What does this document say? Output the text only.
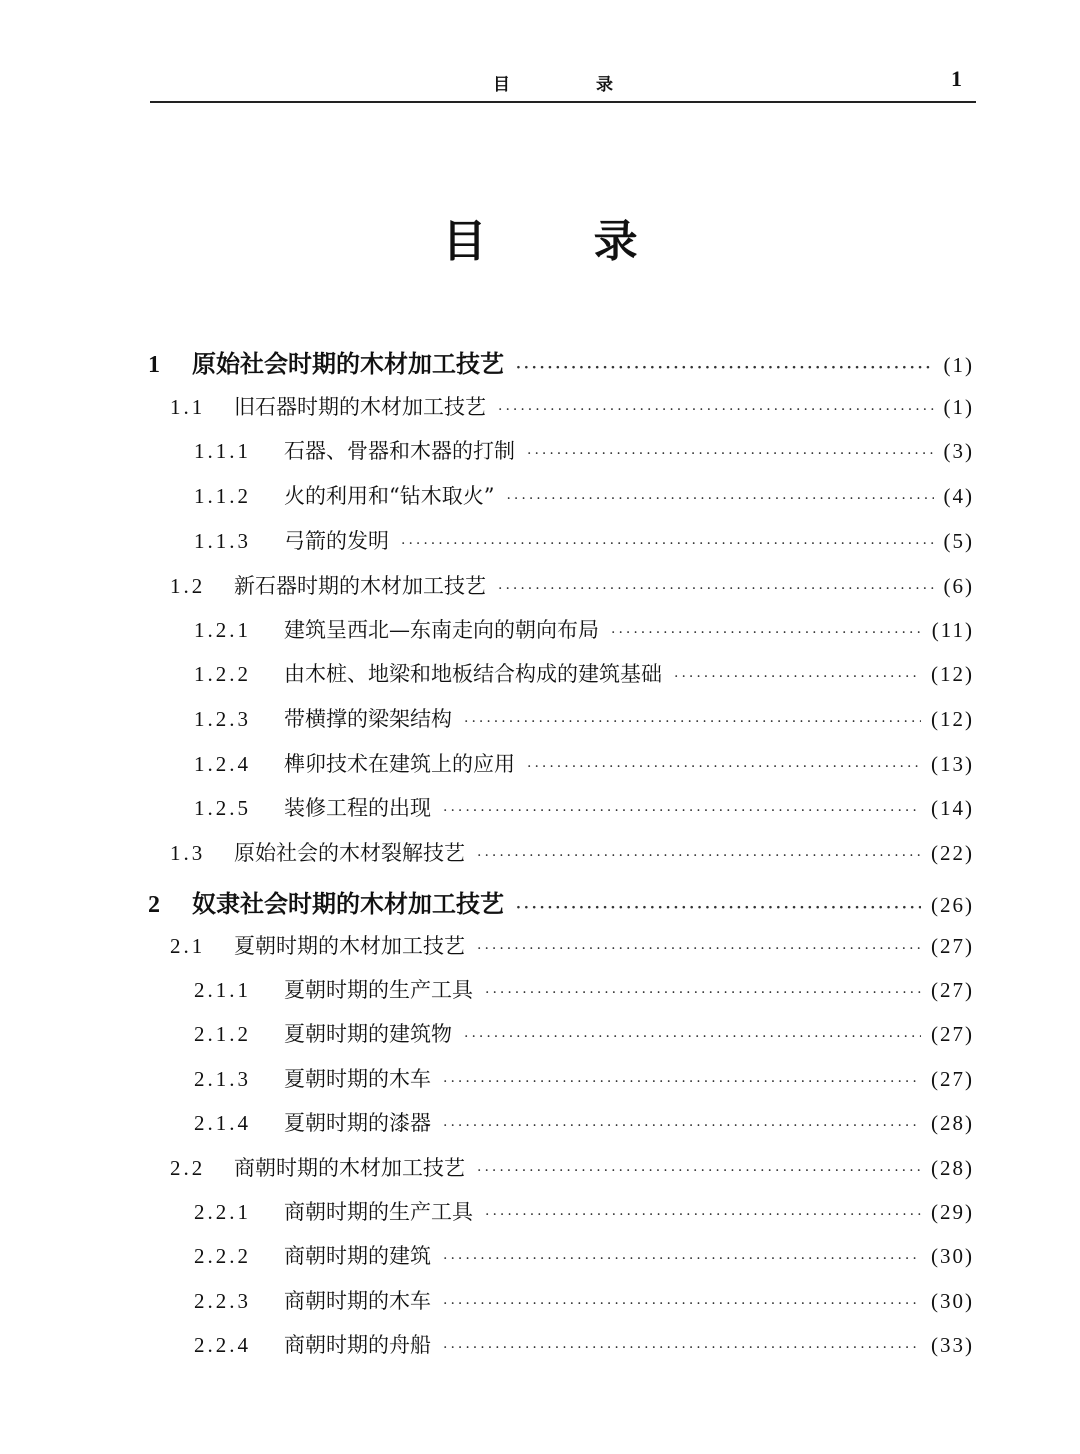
目 录	1
目 录
1	原始社会时期的木材加工技艺 ·····	(1)
1.1	旧石器时期的木材加工技艺 ·····	(1)
1.1.1	石器、骨器和木器的打制 ·····	(3)
1.1.2	火的利用和“钻木取火” ·····	(4)
1.1.3	弓箭的发明 ·····	(5)
1.2	新石器时期的木材加工技艺 ·····	(6)
1.2.1	建筑呈西北—东南走向的朝向布局 ·····	(11)
1.2.2	由木桩、地梁和地板结合构成的建筑基础 ·····	(12)
1.2.3	带横撑的梁架结构 ·····	(12)
1.2.4	榫卯技术在建筑上的应用 ·····	(13)
1.2.5	装修工程的出现 ·····	(14)
1.3	原始社会的木材裂解技艺 ·····	(22)
2	奴隶社会时期的木材加工技艺 ·····	(26)
2.1	夏朝时期的木材加工技艺 ·····	(27)
2.1.1	夏朝时期的生产工具 ·····	(27)
2.1.2	夏朝时期的建筑物 ·····	(27)
2.1.3	夏朝时期的木车 ·····	(27)
2.1.4	夏朝时期的漆器 ·····	(28)
2.2	商朝时期的木材加工技艺 ·····	(28)
2.2.1	商朝时期的生产工具 ·····	(29)
2.2.2	商朝时期的建筑 ·····	(30)
2.2.3	商朝时期的木车 ·····	(30)
2.2.4	商朝时期的舟船 ·····	(33)
